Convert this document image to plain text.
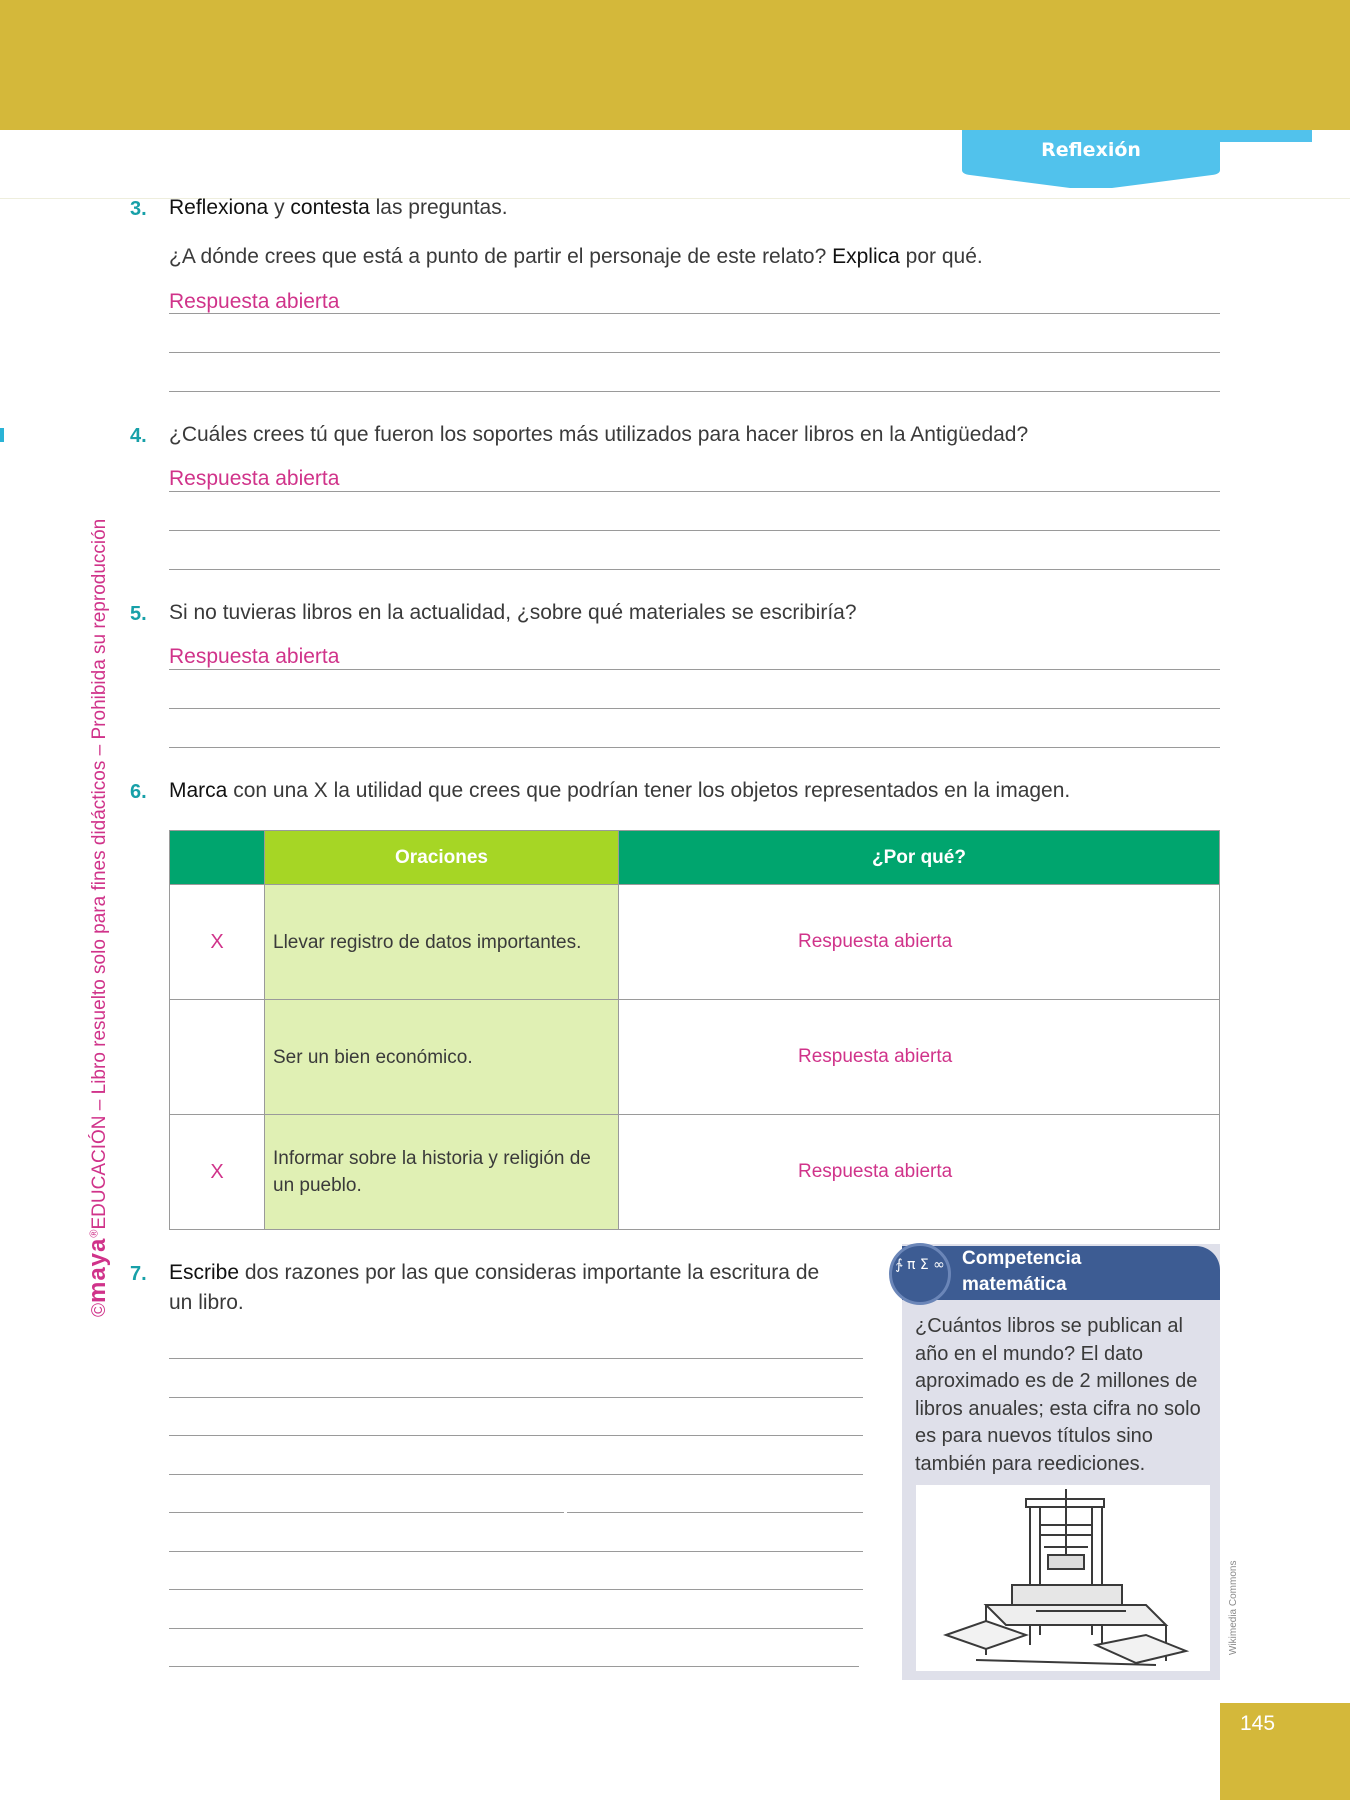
Reflexión
©maya®EDUCACIÓN – Libro resuelto solo para fines didácticos – Prohibida su reproducción
3. Reflexiona y contesta las preguntas.
¿A dónde crees que está a punto de partir el personaje de este relato? Explica por qué.
Respuesta abierta
4. ¿Cuáles crees tú que fueron los soportes más utilizados para hacer libros en la Antigüedad?
Respuesta abierta
5. Si no tuvieras libros en la actualidad, ¿sobre qué materiales se escribiría?
Respuesta abierta
6. Marca con una X la utilidad que crees que podrían tener los objetos representados en la imagen.
	Oraciones	¿Por qué?
X	Llevar registro de datos importantes.	Respuesta abierta
	Ser un bien económico.	Respuesta abierta
X	Informar sobre la historia y religión de un pueblo.	Respuesta abierta
7. Escribe dos razones por las que consideras importante la escritura de
un libro.
∱ π Σ ∞ Competencia
matemática
¿Cuántos libros se publican al año en el mundo? El dato aproximado es de 2 millones de libros anuales; esta cifra no solo es para nuevos títulos sino también para reediciones.
Wikimedia Commons
145
